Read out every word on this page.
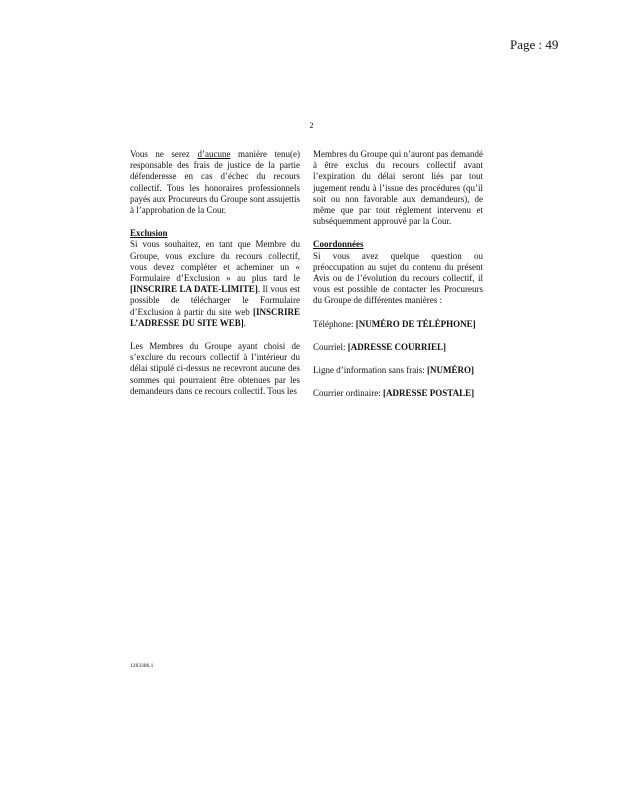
Page : 49
2

Vous ne serez d’aucune manière tenu(e) responsable des frais de justice de la partie défenderesse en cas d’échec du recours collectif. Tous les honoraires professionnels payés aux Procureurs du Groupe sont assujettis à l’approbation de la Cour.

Exclusion

Si vous souhaitez, en tant que Membre du Groupe, vous exclure du recours collectif, vous devez compléter et acheminer un « Formulaire d’Exclusion » au plus tard le [INSCRIRE LA DATE-LIMITE]. Il vous est possible de télécharger le Formulaire d’Exclusion à partir du site web [INSCRIRE L’ADRESSE DU SITE WEB].

Les Membres du Groupe ayant choisi de s’exclure du recours collectif à l’intérieur du délai stipulé ci-dessus ne recevront aucune des sommes qui pourraient être obtenues par les demandeurs dans ce recours collectif. Tous les

Membres du Groupe qui n’auront pas demandé à être exclus du recours collectif avant l’expiration du délai seront liés par tout jugement rendu à l’issue des procédures (qu’il soit ou non favorable aux demandeurs), de même que par tout règlement intervenu et subséquemment approuvé par la Cour.

Coordonnées

Si vous avez quelque question ou préoccupation au sujet du contenu du présent Avis ou de l’évolution du recours collectif, il vous est possible de contacter les Procureurs du Groupe de différentes manières :

Téléphone: [NUMÉRO DE TÉLÉPHONE]

Courriel: [ADRESSE COURRIEL]

Ligne d’information sans frais: [NUMÉRO]

Courrier ordinaire: [ADRESSE POSTALE]

1283306.1
